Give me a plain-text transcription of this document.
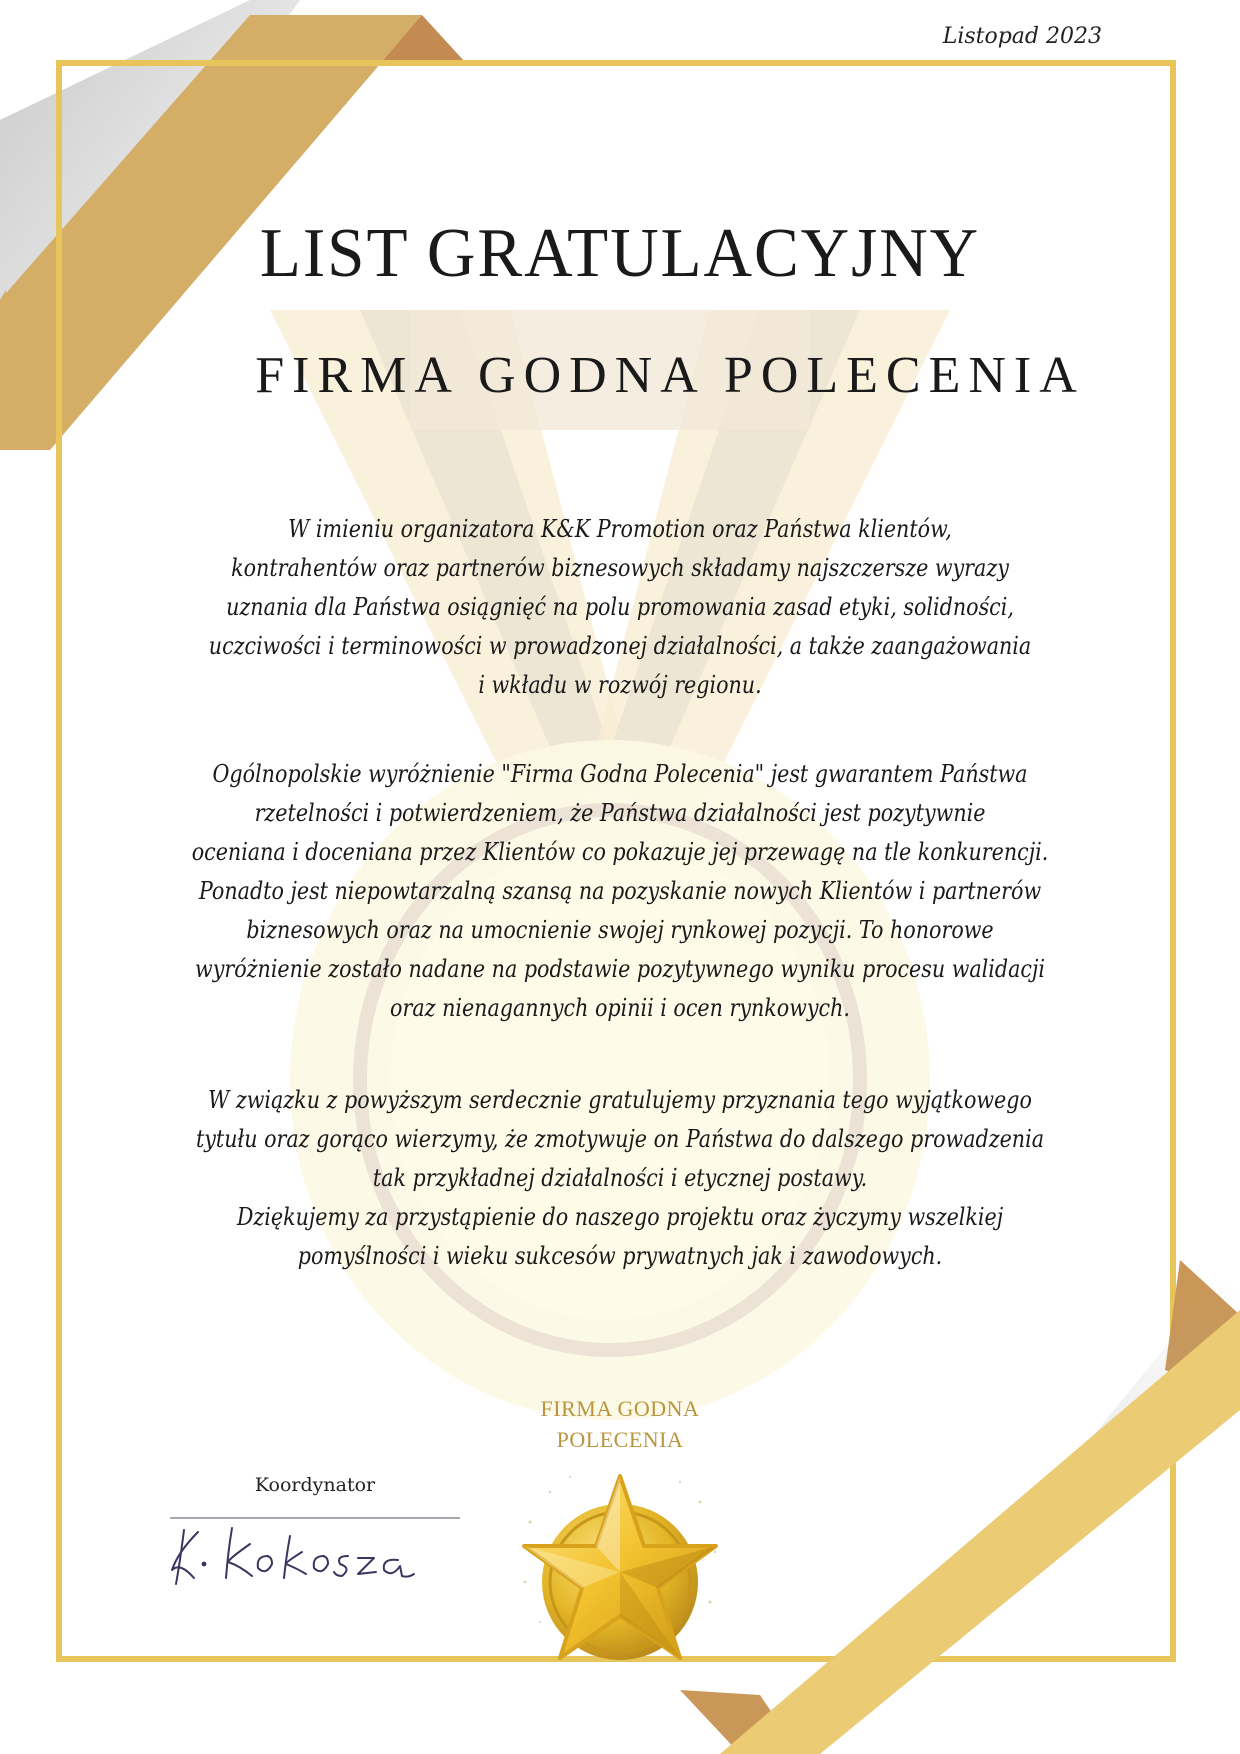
Listopad 2023
LIST GRATULACYJNY
FIRMA GODNA POLECENIA
W imieniu organizatora K&K Promotion oraz Państwa klientów,
kontrahentów oraz partnerów biznesowych składamy najszczersze wyrazy
uznania dla Państwa osiągnięć na polu promowania zasad etyki, solidności,
uczciwości i terminowości w prowadzonej działalności, a także zaangażowania
i wkładu w rozwój regionu.
Ogólnopolskie wyróżnienie "Firma Godna Polecenia" jest gwarantem Państwa
rzetelności i potwierdzeniem, że Państwa działalności jest pozytywnie
oceniana i doceniana przez Klientów co pokazuje jej przewagę na tle konkurencji.
Ponadto jest niepowtarzalną szansą na pozyskanie nowych Klientów i partnerów
biznesowych oraz na umocnienie swojej rynkowej pozycji. To honorowe
wyróżnienie zostało nadane na podstawie pozytywnego wyniku procesu walidacji
oraz nienagannych opinii i ocen rynkowych.
W związku z powyższym serdecznie gratulujemy przyznania tego wyjątkowego
tytułu oraz gorąco wierzymy, że zmotywuje on Państwa do dalszego prowadzenia
tak przykładnej działalności i etycznej postawy.
Dziękujemy za przystąpienie do naszego projektu oraz życzymy wszelkiej
pomyślności i wieku sukcesów prywatnych jak i zawodowych.
FIRMA GODNA
POLECENIA
Koordynator
